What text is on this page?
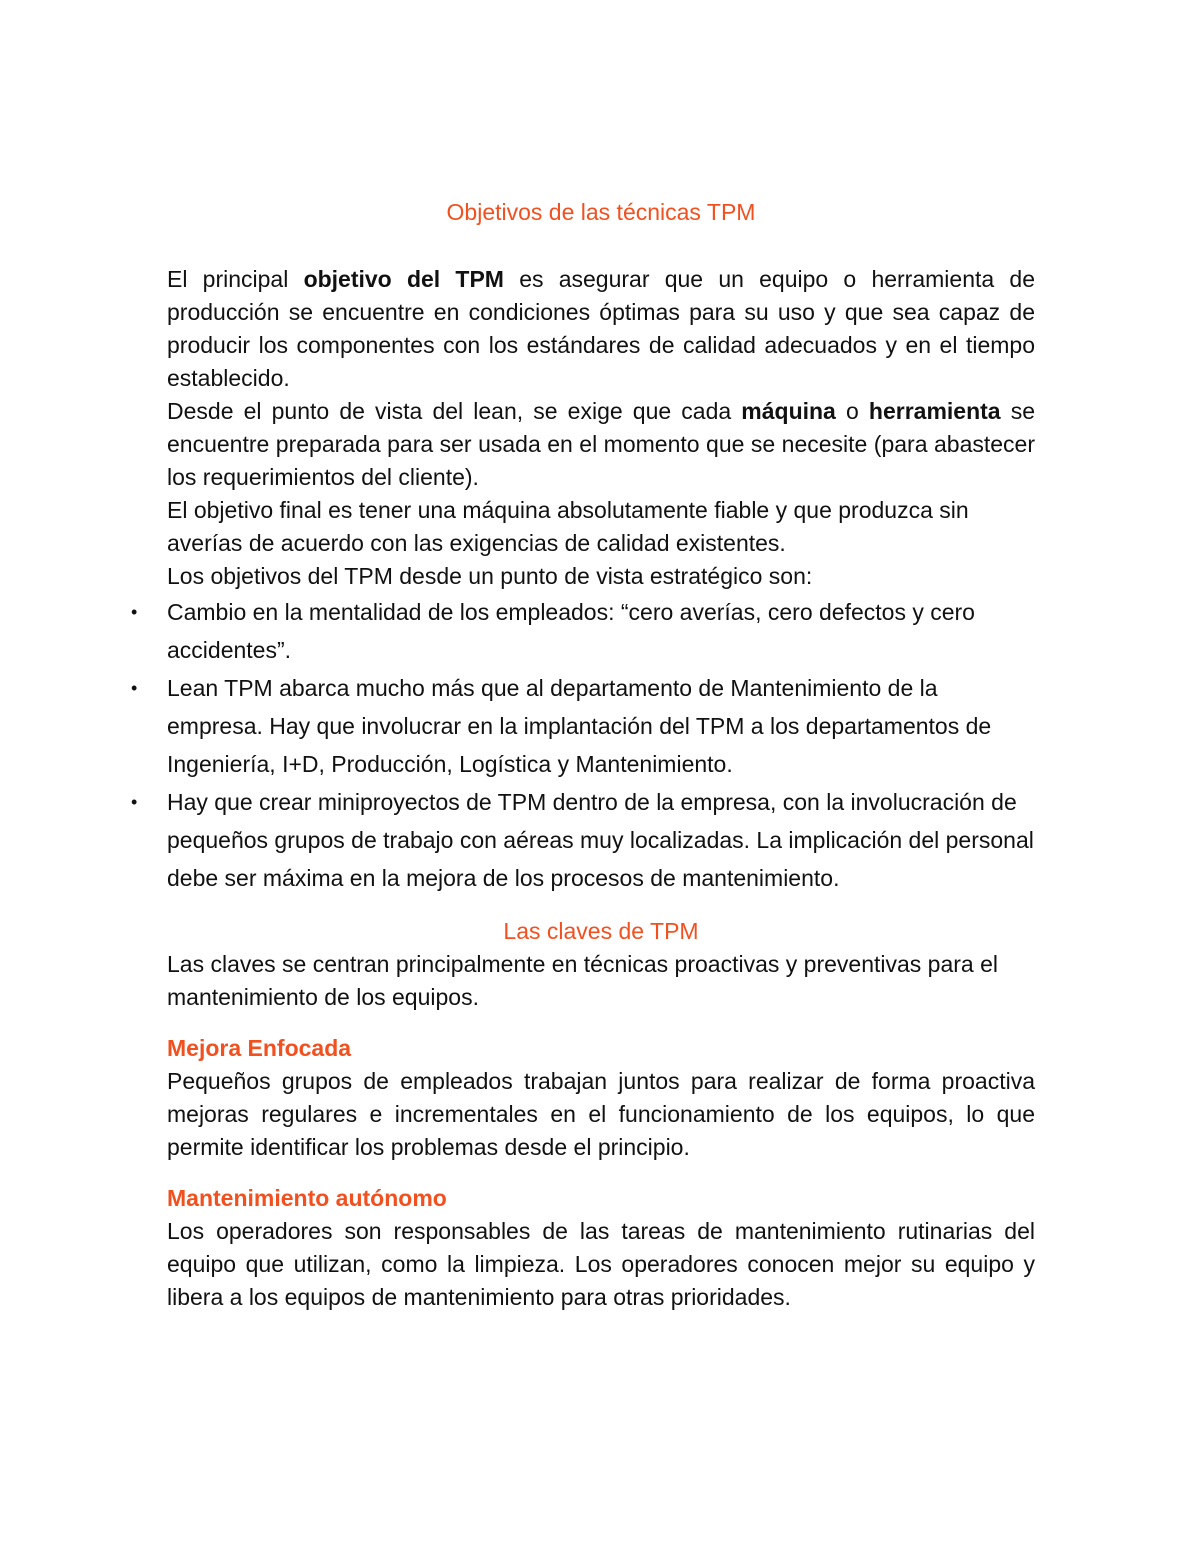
Objetivos de las técnicas TPM

El principal objetivo del TPM es asegurar que un equipo o herramienta de producción se encuentre en condiciones óptimas para su uso y que sea capaz de producir los componentes con los estándares de calidad adecuados y en el tiempo establecido.

Desde el punto de vista del lean, se exige que cada máquina o herramienta se encuentre preparada para ser usada en el momento que se necesite (para abastecer los requerimientos del cliente).

El objetivo final es tener una máquina absolutamente fiable y que produzca sin averías de acuerdo con las exigencias de calidad existentes.

Los objetivos del TPM desde un punto de vista estratégico son:

• Cambio en la mentalidad de los empleados: “cero averías, cero defectos y cero accidentes”.
• Lean TPM abarca mucho más que al departamento de Mantenimiento de la empresa. Hay que involucrar en la implantación del TPM a los departamentos de Ingeniería, I+D, Producción, Logística y Mantenimiento.
• Hay que crear miniproyectos de TPM dentro de la empresa, con la involucración de pequeños grupos de trabajo con aéreas muy localizadas. La implicación del personal debe ser máxima en la mejora de los procesos de mantenimiento.
Las claves de TPM

Las claves se centran principalmente en técnicas proactivas y preventivas para el mantenimiento de los equipos.

Mejora Enfocada

Pequeños grupos de empleados trabajan juntos para realizar de forma proactiva mejoras regulares e incrementales en el funcionamiento de los equipos, lo que permite identificar los problemas desde el principio.

Mantenimiento autónomo

Los operadores son responsables de las tareas de mantenimiento rutinarias del equipo que utilizan, como la limpieza. Los operadores conocen mejor su equipo y libera a los equipos de mantenimiento para otras prioridades.
